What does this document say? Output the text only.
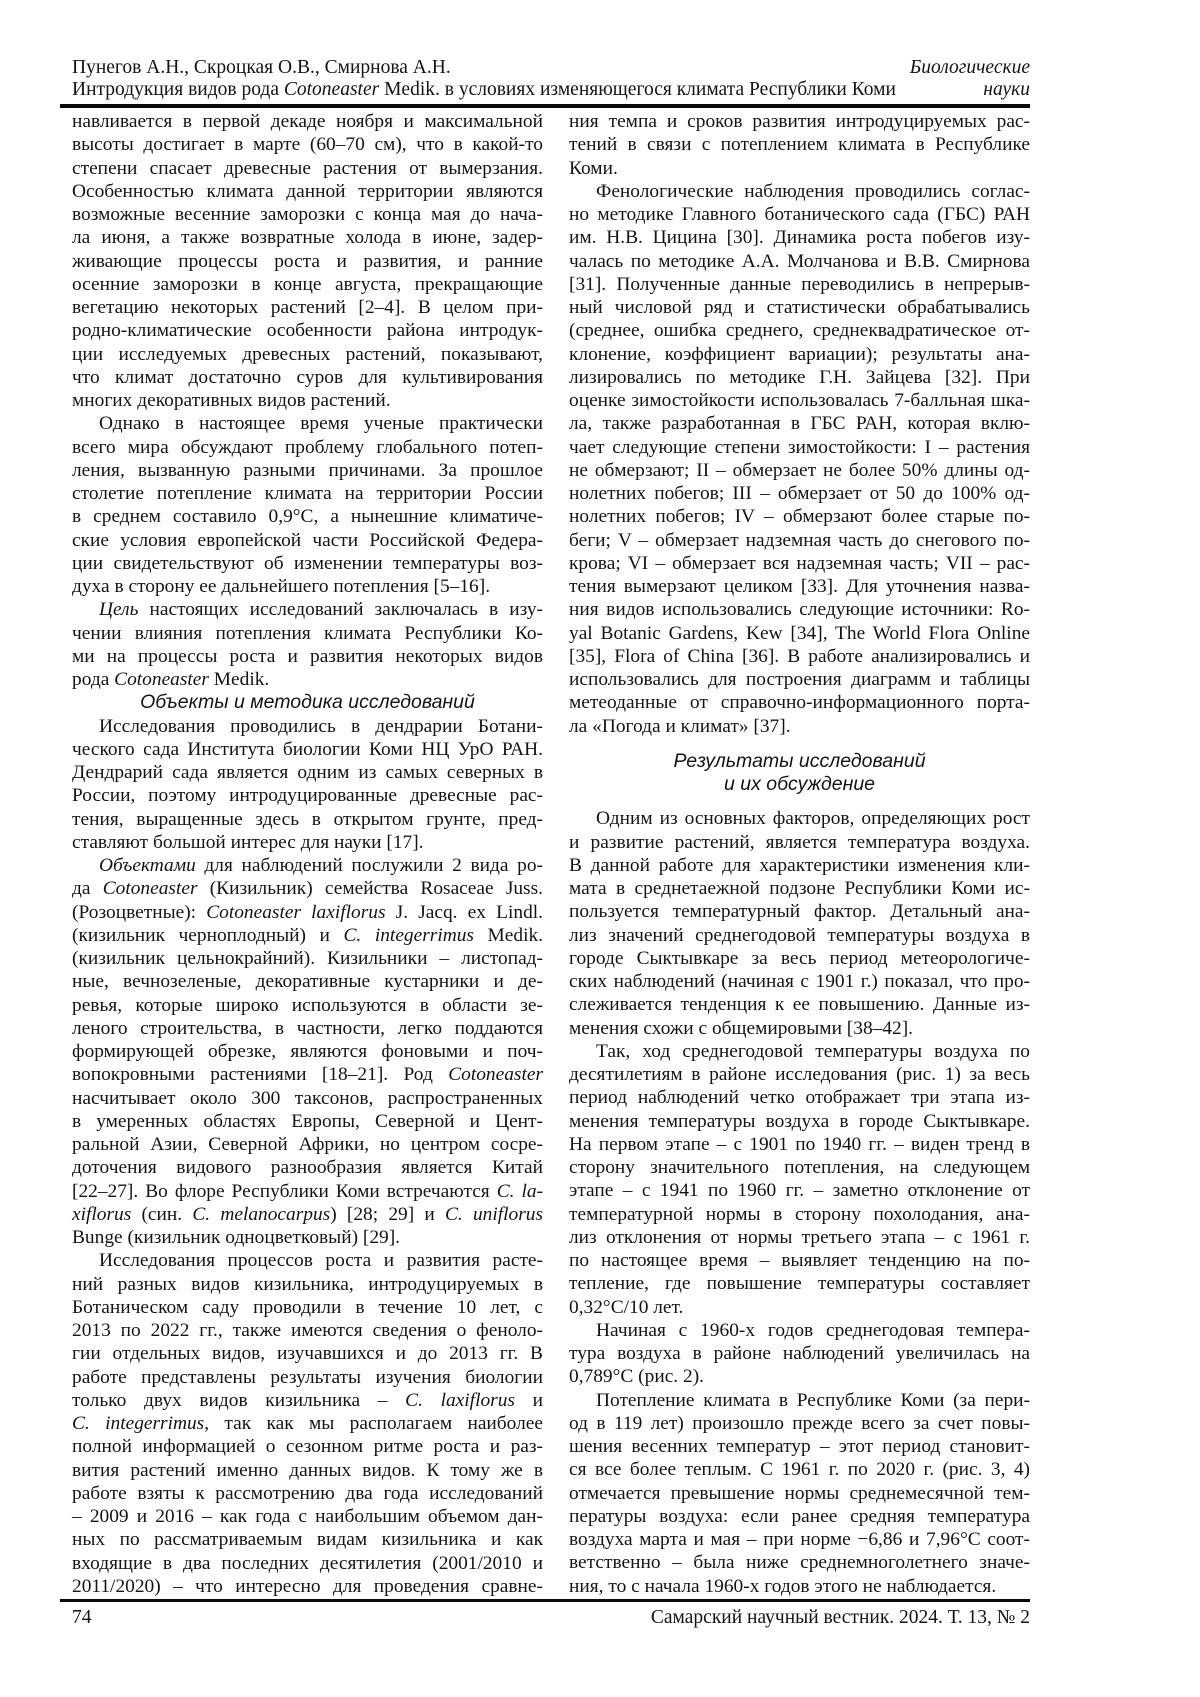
Пунегов А.Н., Скроцкая О.В., Смирнова А.Н.	Биологические
Интродукция видов рода Cotoneaster Medik. в условиях изменяющегося климата Республики Коми	науки
навливается в первой декаде ноября и максимальной
высоты достигает в марте (60–70 см), что в какой-то
степени спасает древесные растения от вымерзания.
Особенностью климата данной территории являются
возможные весенние заморозки с конца мая до нача-
ла июня, а также возвратные холода в июне, задер-
живающие процессы роста и развития, и ранние
осенние заморозки в конце августа, прекращающие
вегетацию некоторых растений [2–4]. В целом при-
родно-климатические особенности района интродук-
ции исследуемых древесных растений, показывают,
что климат достаточно суров для культивирования
многих декоративных видов растений.
Однако в настоящее время ученые практически
всего мира обсуждают проблему глобального потеп-
ления, вызванную разными причинами. За прошлое
столетие потепление климата на территории России
в среднем составило 0,9°С, а нынешние климатиче-
ские условия европейской части Российской Федера-
ции свидетельствуют об изменении температуры воз-
духа в сторону ее дальнейшего потепления [5–16].
Цель настоящих исследований заключалась в изу-
чении влияния потепления климата Республики Ко-
ми на процессы роста и развития некоторых видов
рода Cotoneaster Medik.
Объекты и методика исследований
Исследования проводились в дендрарии Ботани-
ческого сада Института биологии Коми НЦ УрО РАН.
Дендрарий сада является одним из самых северных в
России, поэтому интродуцированные древесные рас-
тения, выращенные здесь в открытом грунте, пред-
ставляют большой интерес для науки [17].
Объектами для наблюдений послужили 2 вида ро-
да Cotoneaster (Кизильник) семейства Rosaceae Juss.
(Розоцветные): Cotoneaster laxiflorus J. Jacq. ex Lindl.
(кизильник черноплодный) и C. integerrimus Medik.
(кизильник цельнокрайний). Кизильники – листопад-
ные, вечнозеленые, декоративные кустарники и де-
ревья, которые широко используются в области зе-
леного строительства, в частности, легко поддаются
формирующей обрезке, являются фоновыми и поч-
вопокровными растениями [18–21]. Род Cotoneaster
насчитывает около 300 таксонов, распространенных
в умеренных областях Европы, Северной и Цент-
ральной Азии, Северной Африки, но центром сосре-
доточения видового разнообразия является Китай
[22–27]. Во флоре Республики Коми встречаются C. la-
xiflorus (син. C. melanocarpus) [28; 29] и C. uniflorus
Bunge (кизильник одноцветковый) [29].
Исследования процессов роста и развития расте-
ний разных видов кизильника, интродуцируемых в
Ботаническом саду проводили в течение 10 лет, с
2013 по 2022 гг., также имеются сведения о феноло-
гии отдельных видов, изучавшихся и до 2013 гг. В
работе представлены результаты изучения биологии
только двух видов кизильника – C. laxiflorus и
C. integerrimus, так как мы располагаем наиболее
полной информацией о сезонном ритме роста и раз-
вития растений именно данных видов. К тому же в
работе взяты к рассмотрению два года исследований
– 2009 и 2016 – как года с наибольшим объемом дан-
ных по рассматриваемым видам кизильника и как
входящие в два последних десятилетия (2001/2010 и
2011/2020) – что интересно для проведения сравне-
ния темпа и сроков развития интродуцируемых рас-
тений в связи с потеплением климата в Республике
Коми.
Фенологические наблюдения проводились соглас-
но методике Главного ботанического сада (ГБС) РАН
им. Н.В. Цицина [30]. Динамика роста побегов изу-
чалась по методике А.А. Молчанова и В.В. Смирнова
[31]. Полученные данные переводились в непрерыв-
ный числовой ряд и статистически обрабатывались
(среднее, ошибка среднего, среднеквадратическое от-
клонение, коэффициент вариации); результаты ана-
лизировались по методике Г.Н. Зайцева [32]. При
оценке зимостойкости использовалась 7-балльная шка-
ла, также разработанная в ГБС РАН, которая вклю-
чает следующие степени зимостойкости: I – растения
не обмерзают; II – обмерзает не более 50% длины од-
нолетних побегов; III – обмерзает от 50 до 100% од-
нолетних побегов; IV – обмерзают более старые по-
беги; V – обмерзает надземная часть до снегового по-
крова; VI – обмерзает вся надземная часть; VII – рас-
тения вымерзают целиком [33]. Для уточнения назва-
ния видов использовались следующие источники: Ro-
yal Botanic Gardens, Kew [34], The World Flora Online
[35], Flora of China [36]. В работе анализировались и
использовались для построения диаграмм и таблицы
метеоданные от справочно-информационного порта-
ла «Погода и климат» [37].
Результаты исследований
и их обсуждение
Одним из основных факторов, определяющих рост
и развитие растений, является температура воздуха.
В данной работе для характеристики изменения кли-
мата в среднетаежной подзоне Республики Коми ис-
пользуется температурный фактор. Детальный ана-
лиз значений среднегодовой температуры воздуха в
городе Сыктывкаре за весь период метеорологиче-
ских наблюдений (начиная с 1901 г.) показал, что про-
слеживается тенденция к ее повышению. Данные из-
менения схожи с общемировыми [38–42].
Так, ход среднегодовой температуры воздуха по
десятилетиям в районе исследования (рис. 1) за весь
период наблюдений четко отображает три этапа из-
менения температуры воздуха в городе Сыктывкаре.
На первом этапе – с 1901 по 1940 гг. – виден тренд в
сторону значительного потепления, на следующем
этапе – с 1941 по 1960 гг. – заметно отклонение от
температурной нормы в сторону похолодания, ана-
лиз отклонения от нормы третьего этапа – с 1961 г.
по настоящее время – выявляет тенденцию на по-
тепление, где повышение температуры составляет
0,32°С/10 лет.
Начиная с 1960-х годов среднегодовая темпера-
тура воздуха в районе наблюдений увеличилась на
0,789°С (рис. 2).
Потепление климата в Республике Коми (за пери-
од в 119 лет) произошло прежде всего за счет повы-
шения весенних температур – этот период становит-
ся все более теплым. С 1961 г. по 2020 г. (рис. 3, 4)
отмечается превышение нормы среднемесячной тем-
пературы воздуха: если ранее средняя температура
воздуха марта и мая – при норме −6,86 и 7,96°С соот-
ветственно – была ниже среднемноголетнего значе-
ния, то с начала 1960-х годов этого не наблюдается.
74	Самарский научный вестник. 2024. Т. 13, № 2
